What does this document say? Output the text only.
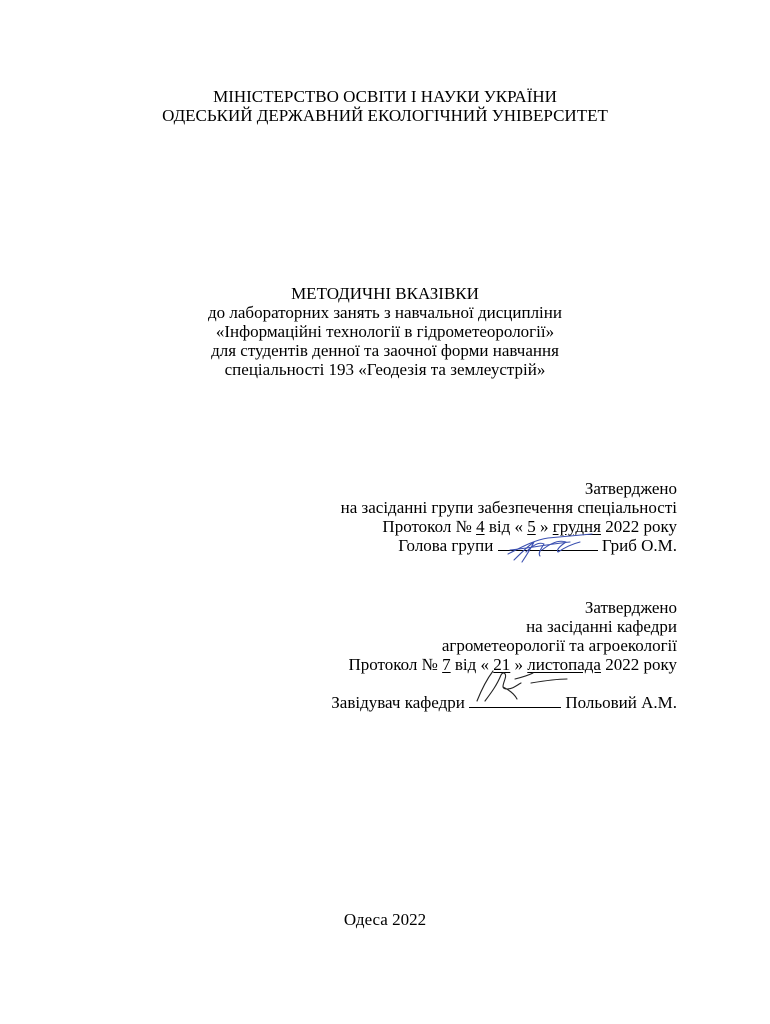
МІНІСТЕРСТВО ОСВІТИ І НАУКИ УКРАЇНИ
ОДЕСЬКИЙ ДЕРЖАВНИЙ ЕКОЛОГІЧНИЙ УНІВЕРСИТЕТ
МЕТОДИЧНІ ВКАЗІВКИ
до лабораторних занять з навчальної дисципліни
«Інформаційні технології в гідрометеорології»
для студентів денної та заочної форми навчання
спеціальності 193 «Геодезія та землеустрій»
Затверджено
на засіданні групи забезпечення спеціальності
Протокол № 4 від « 5 » грудня 2022 року
Голова групи	Гриб О.М.
Затверджено
на засіданні кафедри
агрометеорології та агроекології
Протокол № 7 від « 21 » листопада 2022 року
Завідувач кафедри	Польовий А.М.
Одеса 2022
